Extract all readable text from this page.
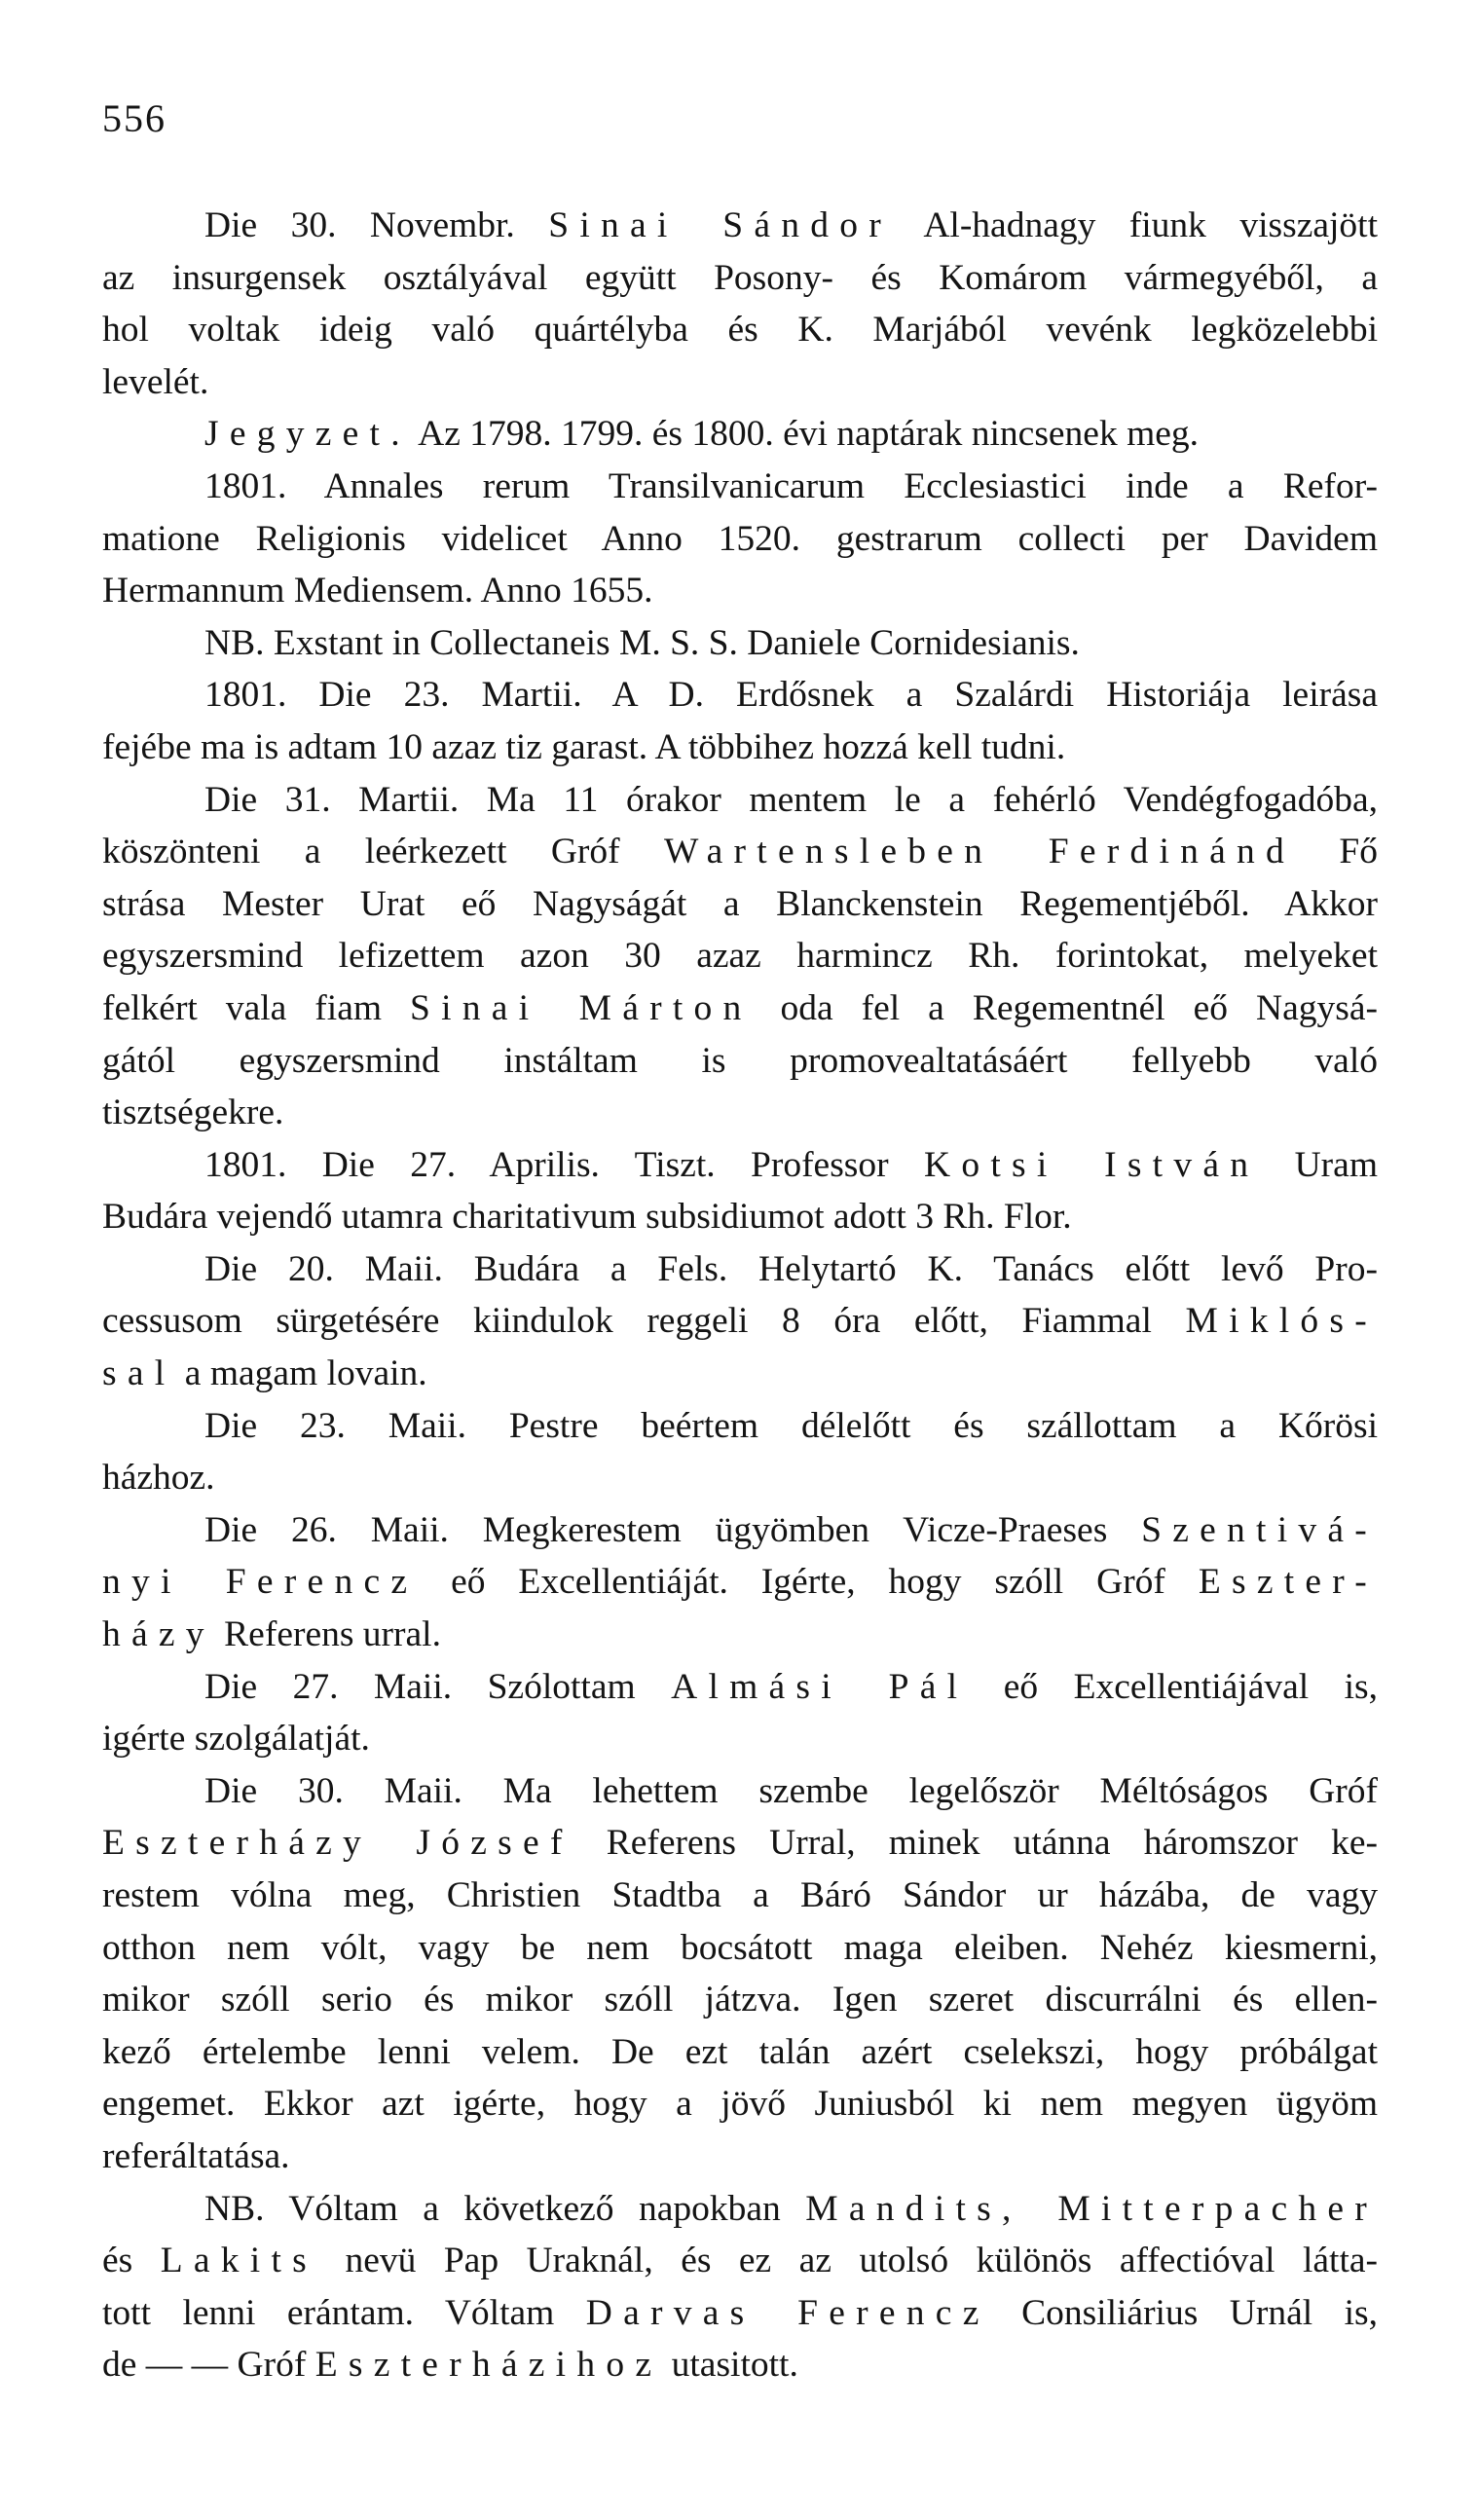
556
Die 30. Novembr. Sinai Sándor Al-hadnagy fiunk visszajött
az insurgensek osztályával együtt Posony- és Komárom vármegyéből, a
hol voltak ideig való quártélyba és K. Marjából vevénk legközelebbi
levelét.
Jegyzet. Az 1798. 1799. és 1800. évi naptárak nincsenek meg.
1801. Annales rerum Transilvanicarum Ecclesiastici inde a Refor-
matione Religionis videlicet Anno 1520. gestrarum collecti per Davidem
Hermannum Mediensem. Anno 1655.
NB. Exstant in Collectaneis M. S. S. Daniele Cornidesianis.
1801. Die 23. Martii. A D. Erdősnek a Szalárdi Historiája leirása
fejébe ma is adtam 10 azaz tiz garast. A többihez hozzá kell tudni.
Die 31. Martii. Ma 11 órakor mentem le a fehérló Vendégfogadóba,
köszönteni a leérkezett Gróf Wartensleben Ferdinánd Fő
strása Mester Urat eő Nagyságát a Blanckenstein Regementjéből. Akkor
egyszersmind lefizettem azon 30 azaz harmincz Rh. forintokat, melyeket
felkért vala fiam Sinai Márton oda fel a Regementnél eő Nagysá-
gától egyszersmind instáltam is promovealtatásáért fellyebb való
tisztségekre.
1801. Die 27. Aprilis. Tiszt. Professor Kotsi István Uram
Budára vejendő utamra charitativum subsidiumot adott 3 Rh. Flor.
Die 20. Maii. Budára a Fels. Helytartó K. Tanács előtt levő Pro-
cessusom sürgetésére kiindulok reggeli 8 óra előtt, Fiammal Miklós-
sal a magam lovain.
Die 23. Maii. Pestre beértem délelőtt és szállottam a Kőrösi
házhoz.
Die 26. Maii. Megkerestem ügyömben Vicze-Praeses Szentivá-
nyi Ferencz eő Excellentiáját. Igérte, hogy szóll Gróf Eszter-
házy Referens urral.
Die 27. Maii. Szólottam Almási Pál eő Excellentiájával is,
igérte szolgálatját.
Die 30. Maii. Ma lehettem szembe legelőször Méltóságos Gróf
Eszterházy József Referens Urral, minek utánna háromszor ke-
restem vólna meg, Christien Stadtba a Báró Sándor ur házába, de vagy
otthon nem vólt, vagy be nem bocsátott maga eleiben. Nehéz kiesmerni,
mikor szóll serio és mikor szóll játzva. Igen szeret discurrálni és ellen-
kező értelembe lenni velem. De ezt talán azért cselekszi, hogy próbálgat
engemet. Ekkor azt igérte, hogy a jövő Juniusból ki nem megyen ügyöm
referáltatása.
NB. Vóltam a következő napokban Mandits, Mitterpacher
és Lakits nevü Pap Uraknál, és ez az utolsó különös affectióval látta-
tott lenni erántam. Vóltam Darvas Ferencz Consiliárius Urnál is,
de — — Gróf Eszterházihoz utasitott.
